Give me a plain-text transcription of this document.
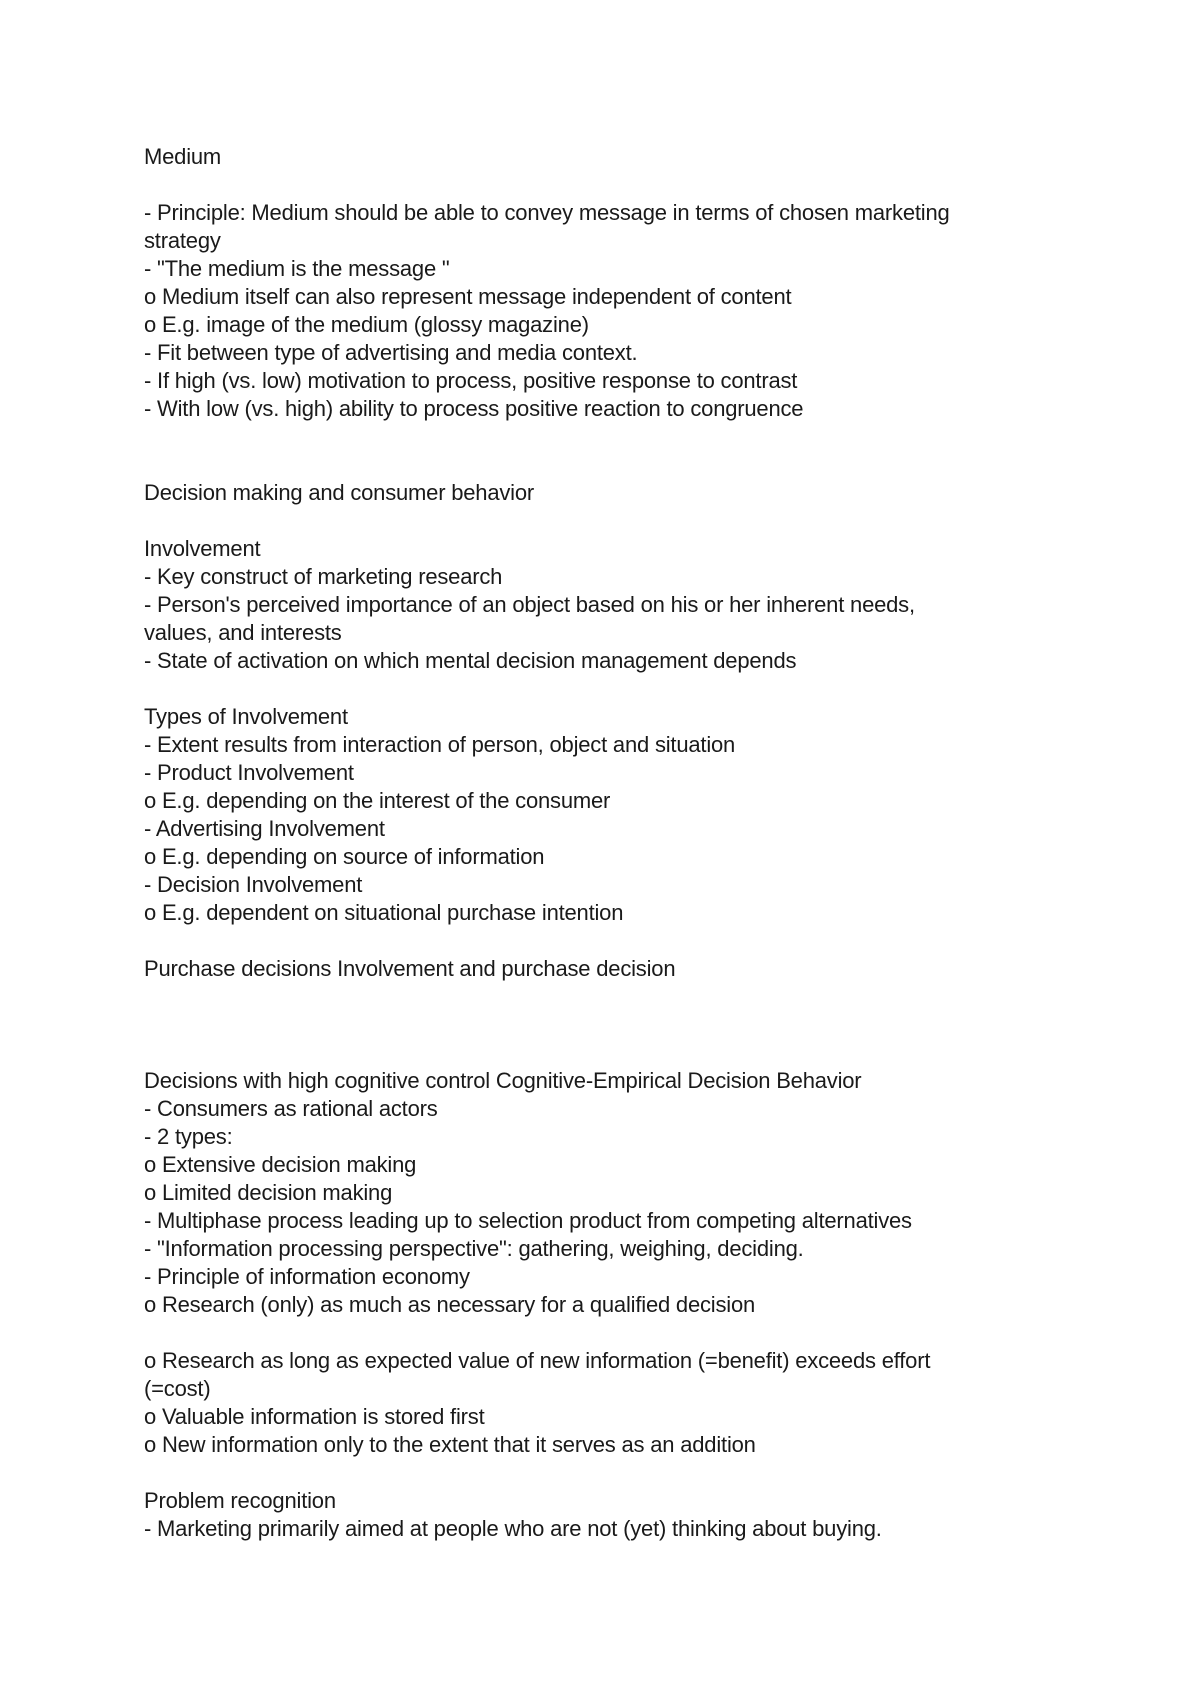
Medium
- Principle: Medium should be able to convey message in terms of chosen marketing
strategy
- "The medium is the message "
o Medium itself can also represent message independent of content
o E.g. image of the medium (glossy magazine)
- Fit between type of advertising and media context.
- If high (vs. low) motivation to process, positive response to contrast
- With low (vs. high) ability to process positive reaction to congruence
Decision making and consumer behavior
Involvement
- Key construct of marketing research
- Person's perceived importance of an object based on his or her inherent needs,
values, and interests
- State of activation on which mental decision management depends
Types of Involvement
- Extent results from interaction of person, object and situation
- Product Involvement
o E.g. depending on the interest of the consumer
- Advertising Involvement
o E.g. depending on source of information
- Decision Involvement
o E.g. dependent on situational purchase intention
Purchase decisions Involvement and purchase decision
Decisions with high cognitive control Cognitive-Empirical Decision Behavior
- Consumers as rational actors
- 2 types:
o Extensive decision making
o Limited decision making
- Multiphase process leading up to selection product from competing alternatives
- "Information processing perspective": gathering, weighing, deciding.
- Principle of information economy
o Research (only) as much as necessary for a qualified decision
o Research as long as expected value of new information (=benefit) exceeds effort
(=cost)
o Valuable information is stored first
o New information only to the extent that it serves as an addition
Problem recognition
- Marketing primarily aimed at people who are not (yet) thinking about buying.
